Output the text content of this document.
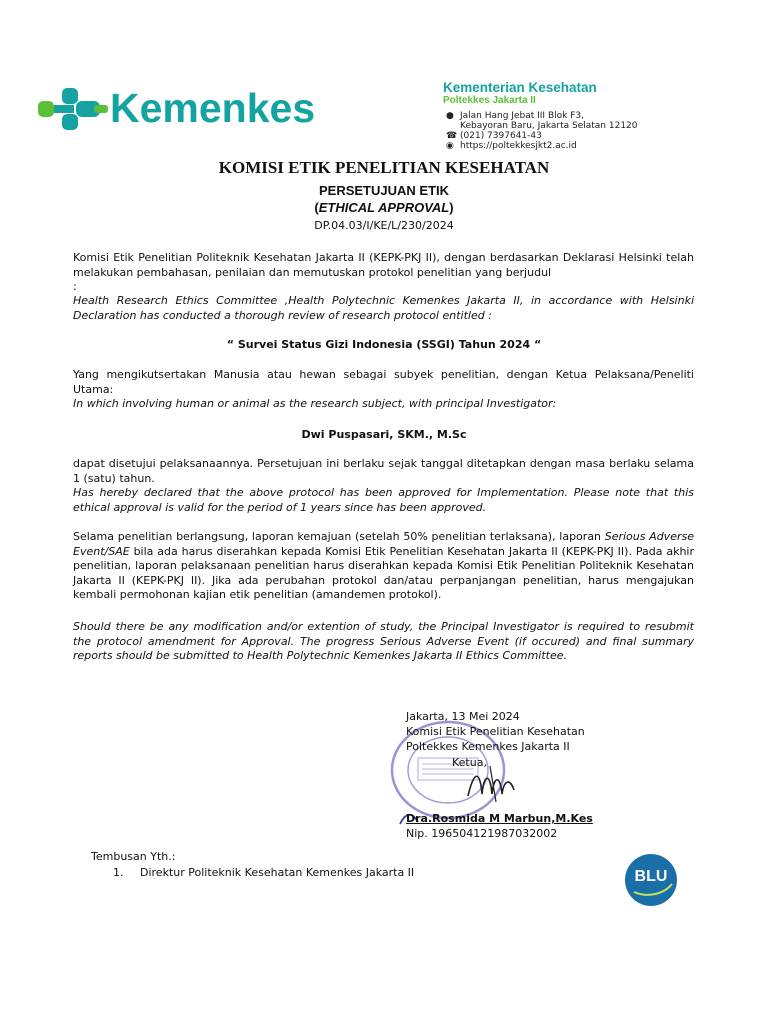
Kemenkes	Kementerian Kesehatan
Poltekkes Jakarta II
● Jalan Hang Jebat III Blok F3,
Kebayoran Baru, Jakarta Selatan 12120
☎ (021) 7397641-43
◉ https://poltekkesjkt2.ac.id
KOMISI ETIK PENELITIAN KESEHATAN
PERSETUJUAN ETIK
(ETHICAL APPROVAL)
DP.04.03/I/KE/L/230/2024
Komisi Etik Penelitian Politeknik Kesehatan Jakarta II (KEPK-PKJ II), dengan berdasarkan Deklarasi Helsinki telah melakukan pembahasan, penilaian dan memutuskan protokol penelitian yang berjudul
:
Health Research Ethics Committee ,Health Polytechnic Kemenkes Jakarta II, in accordance with Helsinki Declaration has conducted a thorough review of research protocol entitled :
“ Survei Status Gizi Indonesia (SSGI) Tahun 2024 “
Yang mengikutsertakan Manusia atau hewan sebagai subyek penelitian, dengan Ketua Pelaksana/Peneliti Utama:
In which involving human or animal as the research subject, with principal Investigator:
Dwi Puspasari, SKM., M.Sc
dapat disetujui pelaksanaannya. Persetujuan ini berlaku sejak tanggal ditetapkan dengan masa berlaku selama 1 (satu) tahun.
Has hereby declared that the above protocol has been approved for Implementation. Please note that this ethical approval is valid for the period of 1 years since has been approved.
Selama penelitian berlangsung, laporan kemajuan (setelah 50% penelitian terlaksana), laporan Serious Adverse Event/SAE bila ada harus diserahkan kepada Komisi Etik Penelitian Kesehatan Jakarta II (KEPK-PKJ II). Pada akhir penelitian, laporan pelaksanaan penelitian harus diserahkan kepada Komisi Etik Penelitian Politeknik Kesehatan Jakarta II (KEPK-PKJ II). Jika ada perubahan protokol dan/atau perpanjangan penelitian, harus mengajukan kembali permohonan kajian etik penelitian (amandemen protokol).
Should there be any modification and/or extention of study, the Principal Investigator is required to resubmit the protocol amendment for Approval. The progress Serious Adverse Event (if occured) and final summary reports should be submitted to Health Polytechnic Kemenkes Jakarta II Ethics Committee.
Jakarta, 13 Mei 2024
Komisi Etik Penelitian Kesehatan
Poltekkes Kemenkes Jakarta II
Ketua,
Dra.Rosmida M Marbun,M.Kes
Nip. 196504121987032002
Tembusan Yth.:
1. Direktur Politeknik Kesehatan Kemenkes Jakarta II	BLU
